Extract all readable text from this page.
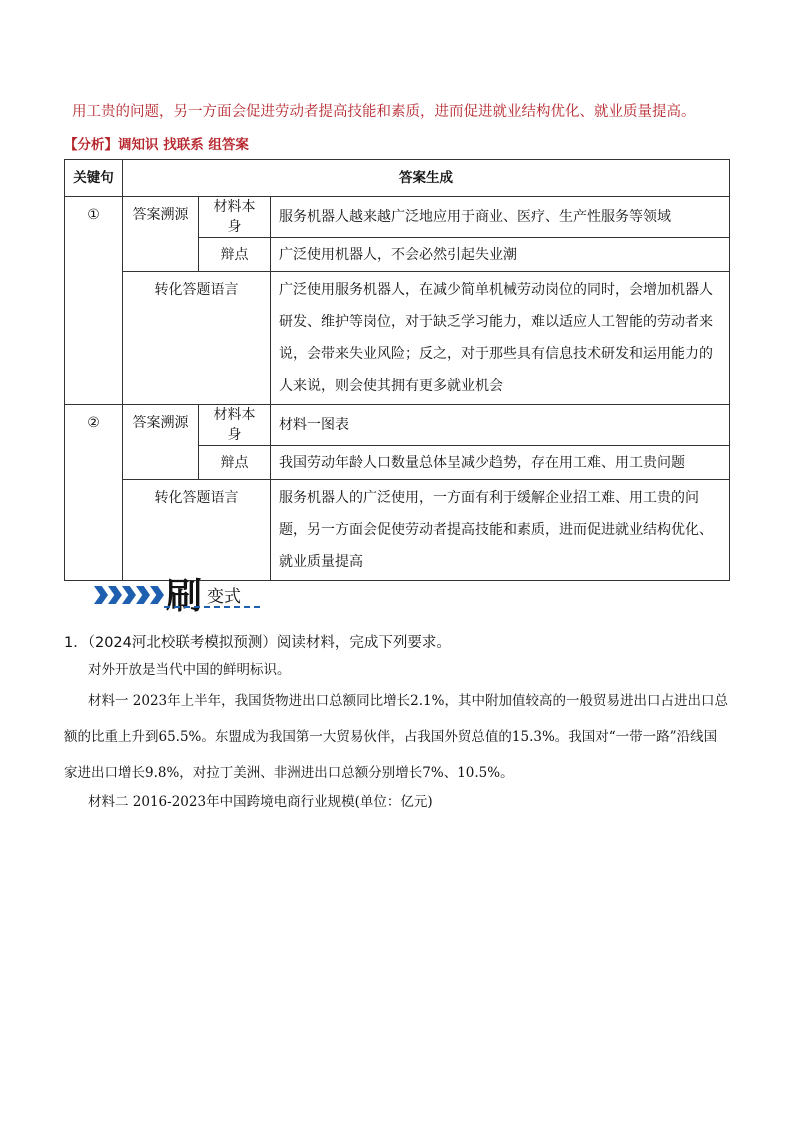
用工贵的问题，另一方面会促进劳动者提高技能和素质，进而促进就业结构优化、就业质量提高。
【分析】调知识 找联系 组答案
关键句	答案生成		
①	答案溯源	材料本身	服务机器人越来越广泛地应用于商业、医疗、生产性服务等领域
		辩点	广泛使用机器人，不会必然引起失业潮
	转化答题语言		广泛使用服务机器人，在减少简单机械劳动岗位的同时，会增加机器人研发、维护等岗位，对于缺乏学习能力，难以适应人工智能的劳动者来说，会带来失业风险；反之，对于那些具有信息技术研发和运用能力的人来说，则会使其拥有更多就业机会
②	答案溯源	材料本身	材料一图表
		辩点	我国劳动年龄人口数量总体呈减少趋势，存在用工难、用工贵问题
	转化答题语言		服务机器人的广泛使用，一方面有利于缓解企业招工难、用工贵的问题，另一方面会促使劳动者提高技能和素质，进而促进就业结构优化、就业质量提高
刷 变式
1．（2024河北校联考模拟预测）阅读材料，完成下列要求。
对外开放是当代中国的鲜明标识。
材料一 2023年上半年，我国货物进出口总额同比增长2.1%，其中附加值较高的一般贸易进出口占进出口总额的比重上升到65.5%。东盟成为我国第一大贸易伙伴，占我国外贸总值的15.3%。我国对“一带一路”沿线国家进出口增长9.8%，对拉丁美洲、非洲进出口总额分别增长7%、10.5%。
材料二 2016-2023年中国跨境电商行业规模(单位：亿元)
